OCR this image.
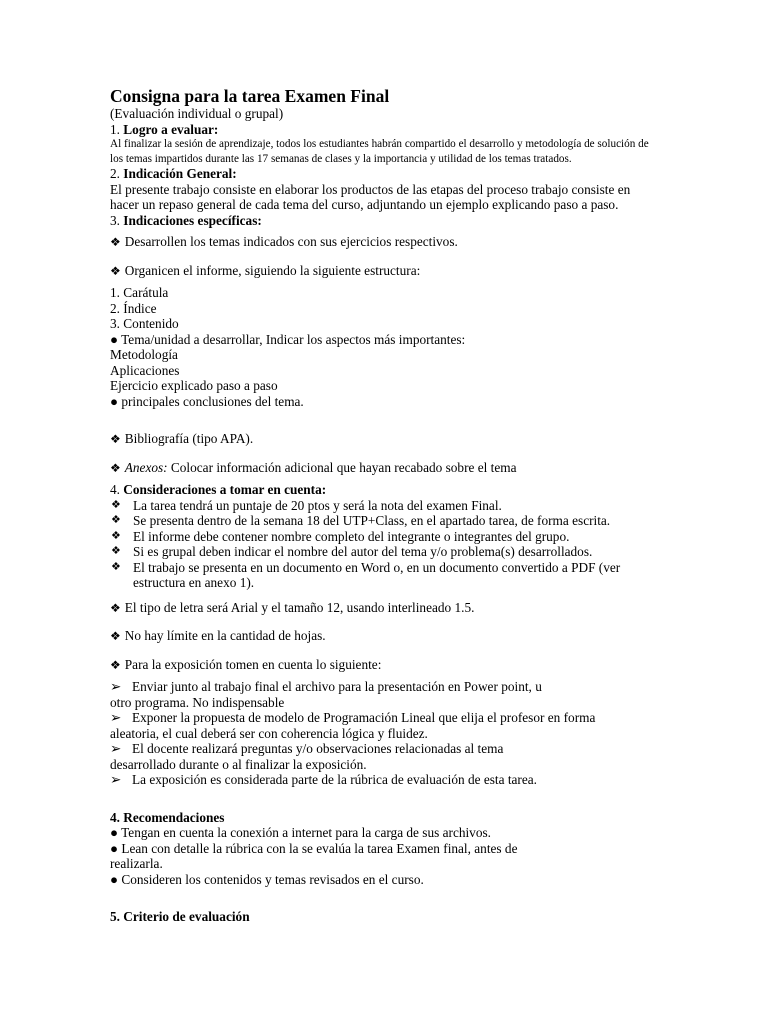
Consigna para la tarea Examen Final
(Evaluación individual o grupal)
1. Logro a evaluar:
Al finalizar la sesión de aprendizaje, todos los estudiantes habrán compartido el desarrollo y metodología de solución de los temas impartidos durante las 17 semanas de clases y la importancia y utilidad de los temas tratados.
2. Indicación General:
El presente trabajo consiste en elaborar los productos de las etapas del proceso trabajo consiste en hacer un repaso general de cada tema del curso, adjuntando un ejemplo explicando paso a paso.
3. Indicaciones específicas:
❖ Desarrollen los temas indicados con sus ejercicios respectivos.
❖ Organicen el informe, siguiendo la siguiente estructura:
1. Carátula
2. Índice
3. Contenido
● Tema/unidad a desarrollar, Indicar los aspectos más importantes:
Metodología
Aplicaciones
Ejercicio explicado paso a paso
● principales conclusiones del tema.
❖ Bibliografía (tipo APA).
❖ Anexos: Colocar información adicional que hayan recabado sobre el tema
4. Consideraciones a tomar en cuenta:
❖ La tarea tendrá un puntaje de 20 ptos y será la nota del examen Final.
❖ Se presenta dentro de la semana 18 del UTP+Class, en el apartado tarea, de forma escrita.
❖ El informe debe contener nombre completo del integrante o integrantes del grupo.
❖ Si es grupal deben indicar el nombre del autor del tema y/o problema(s) desarrollados.
❖ El trabajo se presenta en un documento en Word o, en un documento convertido a PDF (ver estructura en anexo 1).
❖ El tipo de letra será Arial y el tamaño 12, usando interlineado 1.5.
❖ No hay límite en la cantidad de hojas.
❖ Para la exposición tomen en cuenta lo siguiente:
➢ Enviar junto al trabajo final el archivo para la presentación en Power point, u
otro programa. No indispensable
➢ Exponer la propuesta de modelo de Programación Lineal que elija el profesor en forma
aleatoria, el cual deberá ser con coherencia lógica y fluidez.
➢ El docente realizará preguntas y/o observaciones relacionadas al tema
desarrollado durante o al finalizar la exposición.
➢ La exposición es considerada parte de la rúbrica de evaluación de esta tarea.
4. Recomendaciones
● Tengan en cuenta la conexión a internet para la carga de sus archivos.
● Lean con detalle la rúbrica con la se evalúa la tarea Examen final, antes de
realizarla.
● Consideren los contenidos y temas revisados en el curso.
5. Criterio de evaluación
